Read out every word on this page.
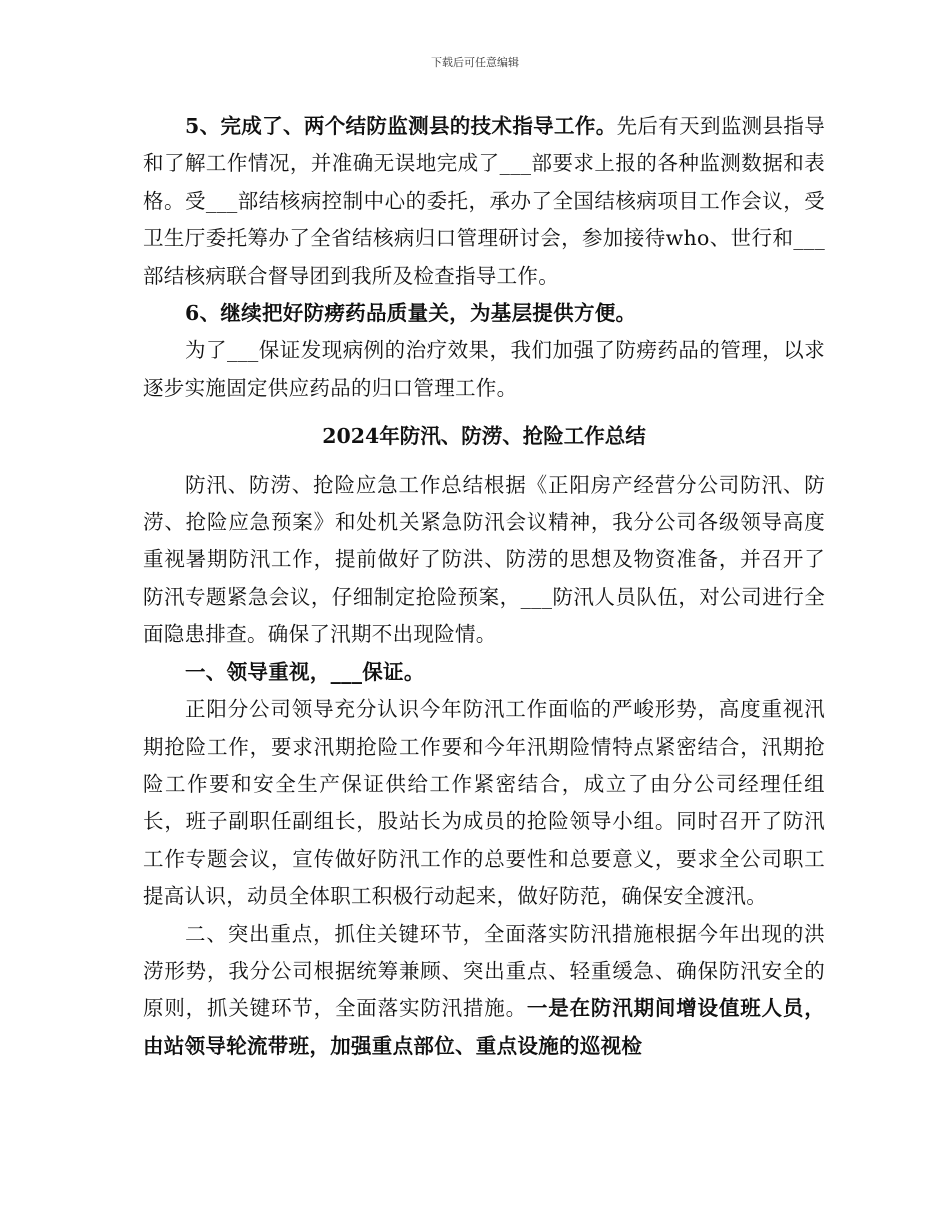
下载后可任意编辑

5、完成了、两个结防监测县的技术指导工作。先后有天到监测县指导和了解工作情况，并准确无误地完成了___部要求上报的各种监测数据和表格。受___部结核病控制中心的委托，承办了全国结核病项目工作会议，受卫生厅委托筹办了全省结核病归口管理研讨会，参加接待who、世行和___部结核病联合督导团到我所及检查指导工作。

6、继续把好防痨药品质量关，为基层提供方便。

为了___保证发现病例的治疗效果，我们加强了防痨药品的管理，以求逐步实施固定供应药品的归口管理工作。

2024年防汛、防涝、抢险工作总结

防汛、防涝、抢险应急工作总结根据《正阳房产经营分公司防汛、防涝、抢险应急预案》和处机关紧急防汛会议精神，我分公司各级领导高度重视暑期防汛工作，提前做好了防洪、防涝的思想及物资准备，并召开了防汛专题紧急会议，仔细制定抢险预案，___防汛人员队伍，对公司进行全面隐患排查。确保了汛期不出现险情。

一、领导重视，___保证。

正阳分公司领导充分认识今年防汛工作面临的严峻形势，高度重视汛期抢险工作，要求汛期抢险工作要和今年汛期险情特点紧密结合，汛期抢险工作要和安全生产保证供给工作紧密结合，成立了由分公司经理任组长，班子副职任副组长，股站长为成员的抢险领导小组。同时召开了防汛工作专题会议，宣传做好防汛工作的总要性和总要意义，要求全公司职工提高认识，动员全体职工积极行动起来，做好防范，确保安全渡汛。

二、突出重点，抓住关键环节，全面落实防汛措施根据今年出现的洪涝形势，我分公司根据统筹兼顾、突出重点、轻重缓急、确保防汛安全的原则，抓关键环节，全面落实防汛措施。一是在防汛期间增设值班人员，由站领导轮流带班，加强重点部位、重点设施的巡视检
